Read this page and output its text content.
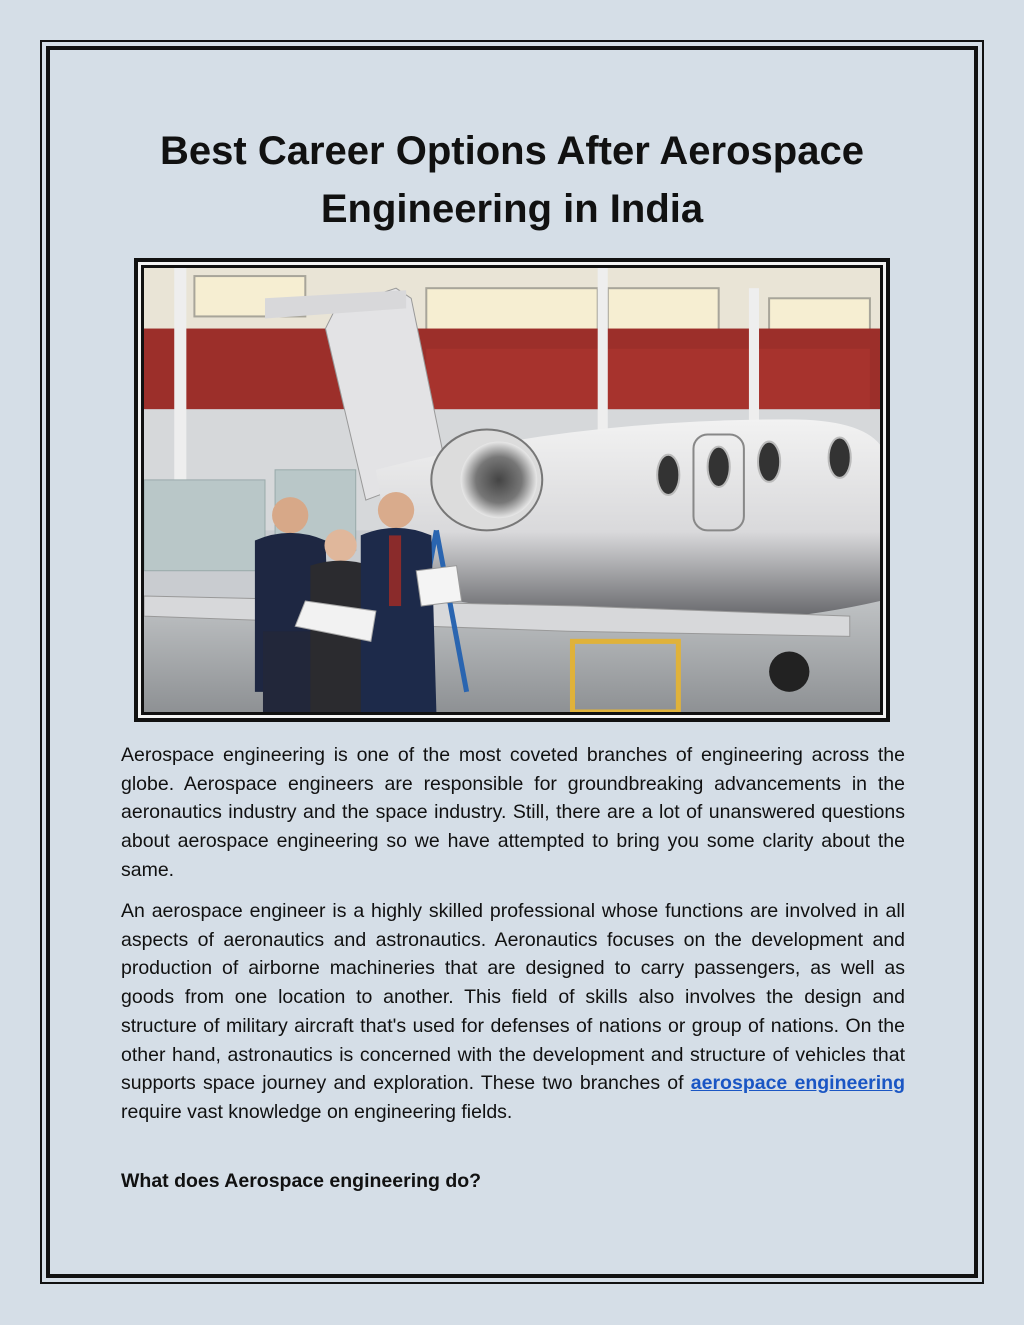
Best Career Options After Aerospace
Engineering in India

Aerospace engineering is one of the most coveted branches of engineering across the globe. Aerospace engineers are responsible for groundbreaking advancements in the aeronautics industry and the space industry. Still, there are a lot of unanswered questions about aerospace engineering so we have attempted to bring you some clarity about the same.

An aerospace engineer is a highly skilled professional whose functions are involved in all aspects of aeronautics and astronautics. Aeronautics focuses on the development and production of airborne machineries that are designed to carry passengers, as well as goods from one location to another. This field of skills also involves the design and structure of military aircraft that's used for defenses of nations or group of nations. On the other hand, astronautics is concerned with the development and structure of vehicles that supports space journey and exploration. These two branches of aerospace engineering require vast knowledge on engineering fields.

What does Aerospace engineering do?
